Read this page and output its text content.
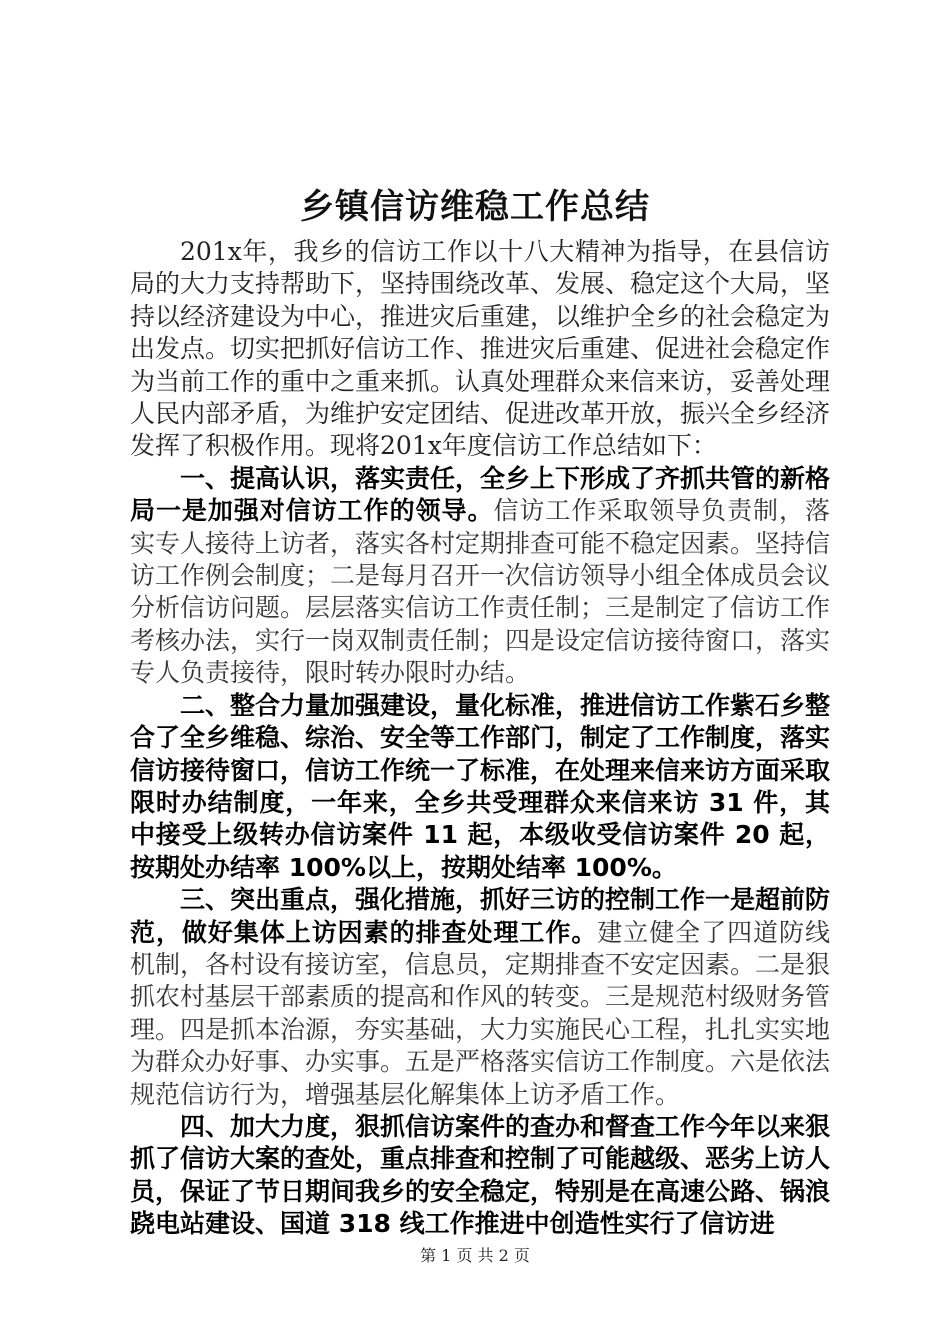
乡镇信访维稳工作总结

201x年，我乡的信访工作以十八大精神为指导，在县信访局的大力支持帮助下，坚持围绕改革、发展、稳定这个大局，坚持以经济建设为中心，推进灾后重建，以维护全乡的社会稳定为出发点。切实把抓好信访工作、推进灾后重建、促进社会稳定作为当前工作的重中之重来抓。认真处理群众来信来访，妥善处理人民内部矛盾，为维护安定团结、促进改革开放，振兴全乡经济发挥了积极作用。现将201x年度信访工作总结如下：

一、提高认识，落实责任，全乡上下形成了齐抓共管的新格局一是加强对信访工作的领导。信访工作采取领导负责制，落实专人接待上访者，落实各村定期排查可能不稳定因素。坚持信访工作例会制度；二是每月召开一次信访领导小组全体成员会议分析信访问题。层层落实信访工作责任制；三是制定了信访工作考核办法，实行一岗双制责任制；四是设定信访接待窗口，落实专人负责接待，限时转办限时办结。

二、整合力量加强建设，量化标准，推进信访工作紫石乡整合了全乡维稳、综治、安全等工作部门，制定了工作制度，落实信访接待窗口，信访工作统一了标准，在处理来信来访方面采取限时办结制度，一年来，全乡共受理群众来信来访 31 件，其中接受上级转办信访案件 11 起，本级收受信访案件 20 起，按期处办结率 100%以上，按期处结率 100%。

三、突出重点，强化措施，抓好三访的控制工作一是超前防范，做好集体上访因素的排查处理工作。建立健全了四道防线机制，各村设有接访室，信息员，定期排查不安定因素。二是狠抓农村基层干部素质的提高和作风的转变。三是规范村级财务管理。四是抓本治源，夯实基础，大力实施民心工程，扎扎实实地为群众办好事、办实事。五是严格落实信访工作制度。六是依法规范信访行为，增强基层化解集体上访矛盾工作。

四、加大力度，狠抓信访案件的查办和督查工作今年以来狠抓了信访大案的查处，重点排查和控制了可能越级、恶劣上访人员，保证了节日期间我乡的安全稳定，特别是在高速公路、锅浪跷电站建设、国道 318 线工作推进中创造性实行了信访进

第 1 页 共 2 页
